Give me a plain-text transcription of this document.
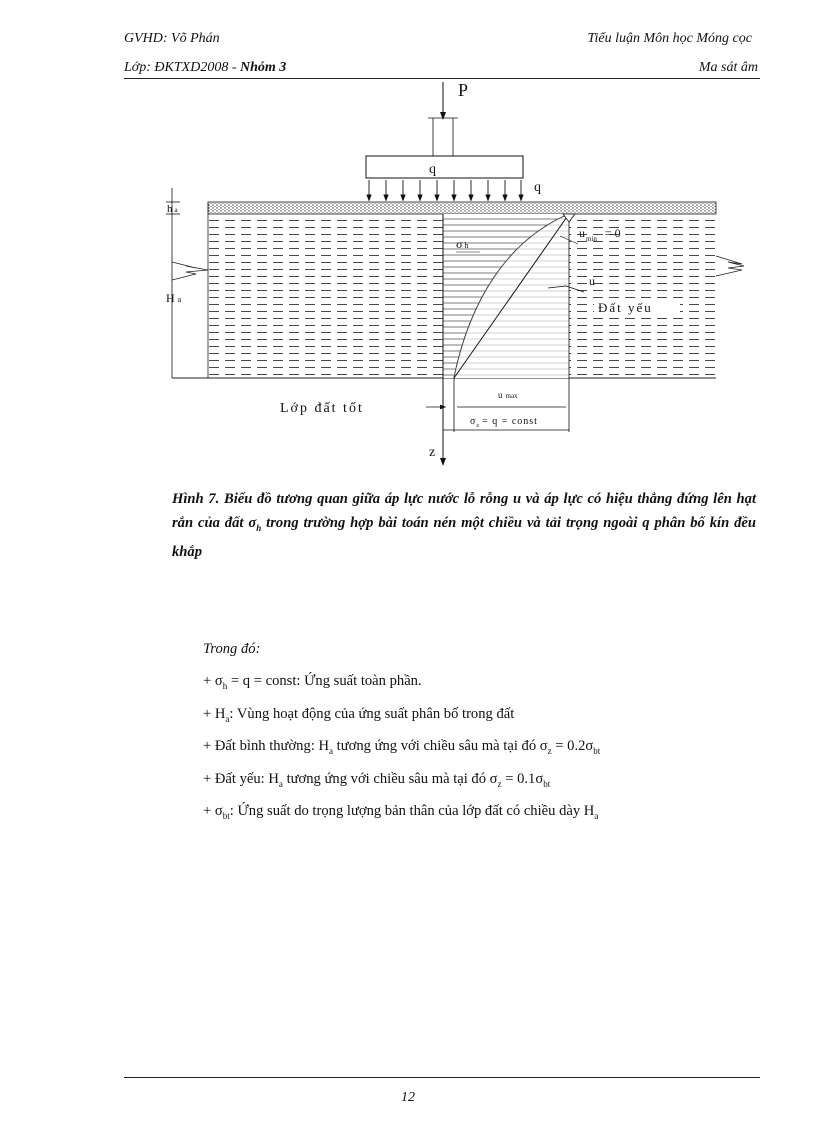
GVHD: Võ Phán	Tiểu luận Môn học Móng cọc
Lớp: ĐKTXD2008 - Nhóm 3	Ma sát âm
P
q
q
ha
Ha
σh
$u_{min} = 0$
u
Đất yếu
Lớp đất tốt
u max
$\sigma_z = q$ = const
z
Hình 7. Biểu đồ tương quan giữa áp lực nước lỗ rỗng u và áp lực có hiệu thẳng đứng lên hạt rắn của đất $\sigma_h$ trong trường hợp bài toán nén một chiều và tải trọng ngoài q phân bố kín đều khắp
Trong đó:
+ $\sigma_h = q$ = const: Ứng suất toàn phần.
+ $H_a$: Vùng hoạt động của ứng suất phân bố trong đất
+ Đất bình thường: $H_a$ tương ứng với chiều sâu mà tại đó $\sigma_z = 0.2\sigma_{bt}$
+ Đất yếu: $H_a$ tương ứng với chiều sâu mà tại đó $\sigma_z = 0.1\sigma_{bt}$
+ $\sigma_{bt}$: Ứng suất do trọng lượng bản thân của lớp đất có chiều dày $H_a$
12
